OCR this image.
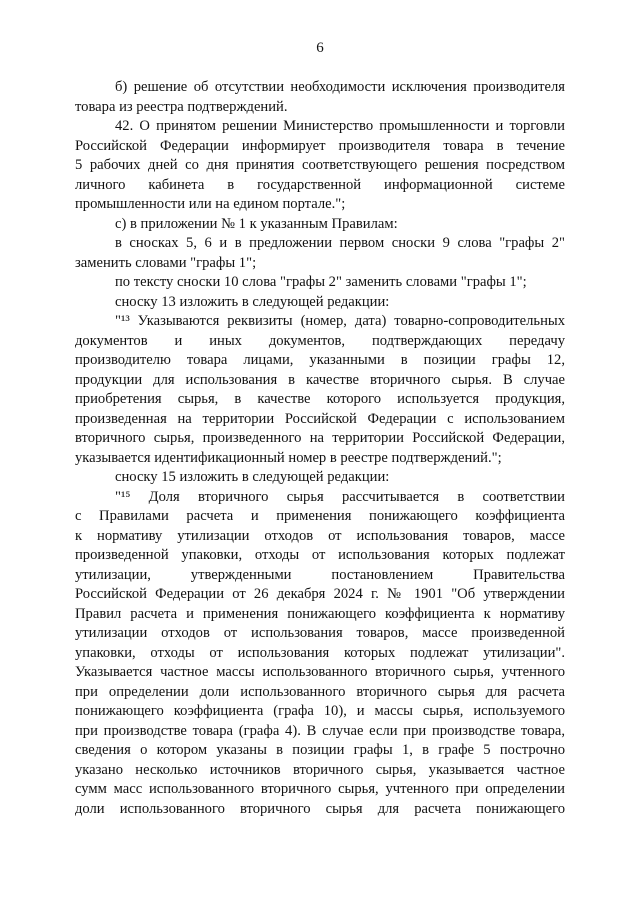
6
б) решение об отсутствии необходимости исключения производителя
товара из реестра подтверждений.
42. О принятом решении Министерство промышленности и торговли
Российской Федерации информирует производителя товара в течение
5 рабочих дней со дня принятия соответствующего решения посредством
личного кабинета в государственной информационной системе
промышленности или на едином портале.";
с) в приложении № 1 к указанным Правилам:
в сносках 5, 6 и в предложении первом сноски 9 слова "графы 2"
заменить словами "графы 1";
по тексту сноски 10 слова "графы 2" заменить словами "графы 1";
сноску 13 изложить в следующей редакции:
"¹³ Указываются реквизиты (номер, дата) товарно-сопроводительных
документов и иных документов, подтверждающих передачу
производителю товара лицами, указанными в позиции графы 12,
продукции для использования в качестве вторичного сырья. В случае
приобретения сырья, в качестве которого используется продукция,
произведенная на территории Российской Федерации с использованием
вторичного сырья, произведенного на территории Российской Федерации,
указывается идентификационный номер в реестре подтверждений.";
сноску 15 изложить в следующей редакции:
"¹⁵ Доля вторичного сырья рассчитывается в соответствии
с Правилами расчета и применения понижающего коэффициента
к нормативу утилизации отходов от использования товаров, массе
произведенной упаковки, отходы от использования которых подлежат
утилизации, утвержденными постановлением Правительства
Российской Федерации от 26 декабря 2024 г. № 1901 "Об утверждении
Правил расчета и применения понижающего коэффициента к нормативу
утилизации отходов от использования товаров, массе произведенной
упаковки, отходы от использования которых подлежат утилизации".
Указывается частное массы использованного вторичного сырья, учтенного
при определении доли использованного вторичного сырья для расчета
понижающего коэффициента (графа 10), и массы сырья, используемого
при производстве товара (графа 4). В случае если при производстве товара,
сведения о котором указаны в позиции графы 1, в графе 5 построчно
указано несколько источников вторичного сырья, указывается частное
сумм масс использованного вторичного сырья, учтенного при определении
доли использованного вторичного сырья для расчета понижающего
